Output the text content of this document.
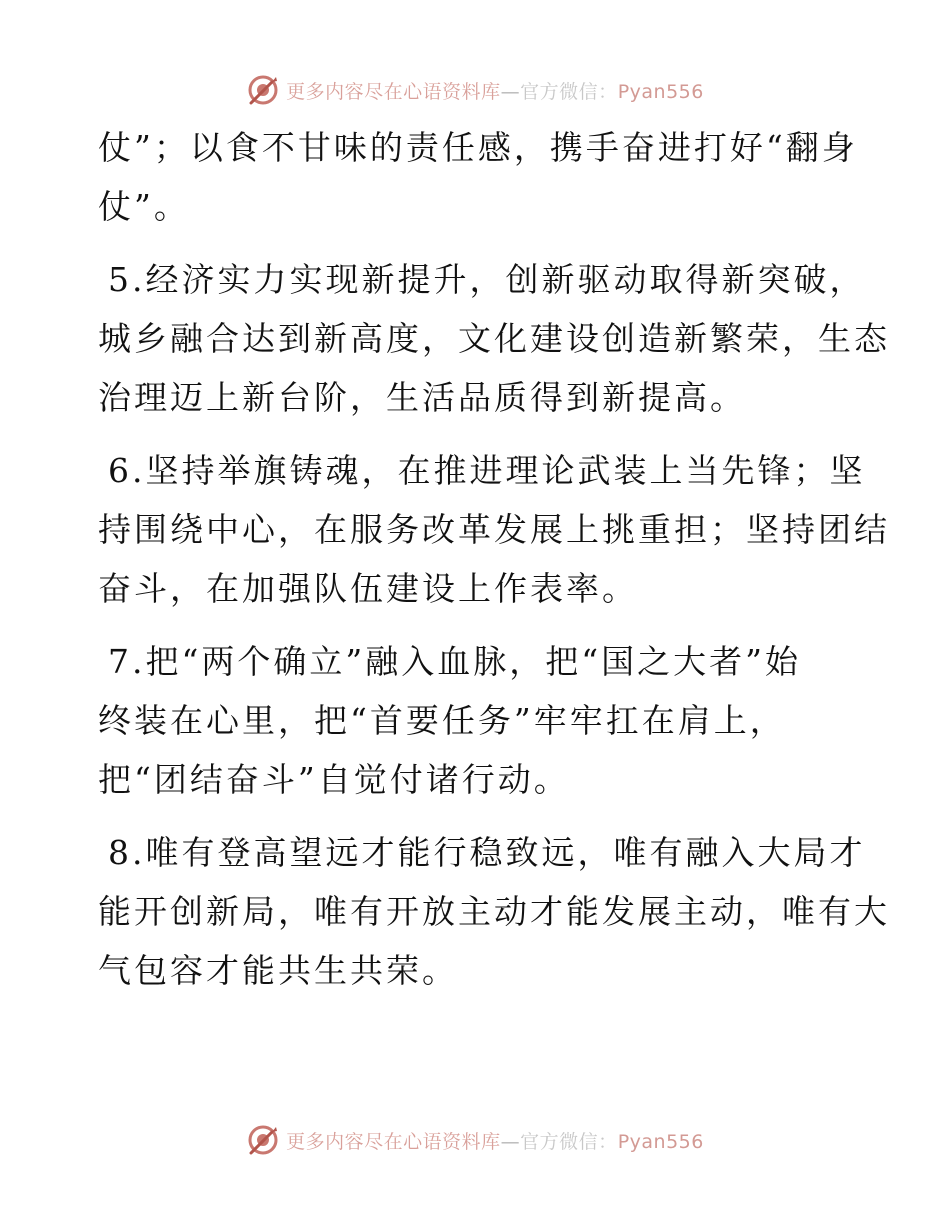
更多内容尽在心语资料库—官方微信：Pyan556
仗”；以食不甘味的责任感，携手奋进打好“翻身
仗”。
5.经济实力实现新提升，创新驱动取得新突破，
城乡融合达到新高度，文化建设创造新繁荣，生态
治理迈上新台阶，生活品质得到新提高。
6.坚持举旗铸魂，在推进理论武装上当先锋；坚
持围绕中心，在服务改革发展上挑重担；坚持团结
奋斗，在加强队伍建设上作表率。
7.把“两个确立”融入血脉，把“国之大者”始
终装在心里，把“首要任务”牢牢扛在肩上，
把“团结奋斗”自觉付诸行动。
8.唯有登高望远才能行稳致远，唯有融入大局才
能开创新局，唯有开放主动才能发展主动，唯有大
气包容才能共生共荣。
更多内容尽在心语资料库—官方微信：Pyan556
